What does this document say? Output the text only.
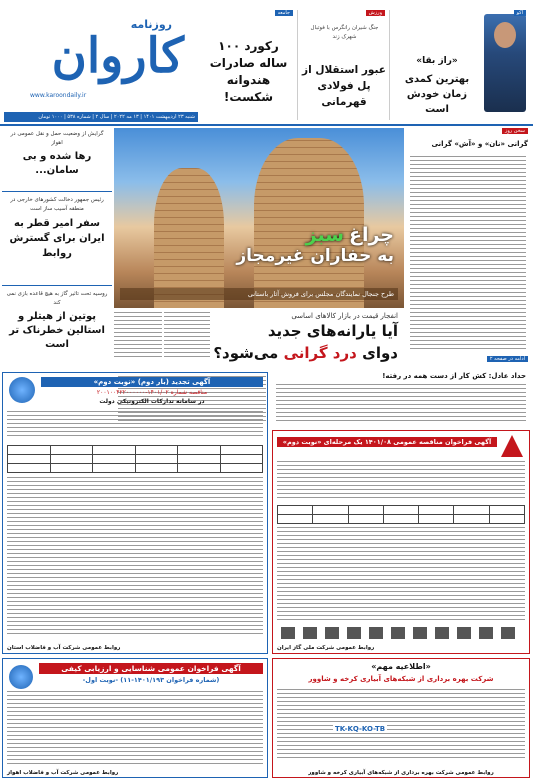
روزنامه
کاروان
www.karoondaily.ir
شنبه ۲۳ اردیبهشت ۱۴۰۱ | ۱۳ مه ۲۰۲۲ | سال ۲ | شماره ۵۳۸ | ۱۰۰۰ تومان
جامعه
رکورد ۱۰۰ ساله صادرات هندوانه شکست!
ورزش
جنگ شیران رانگرس با فوتبال شهرک زند
عبور استقلال از پل فولادی قهرمانی
آکو
«راز بقا»
بهترین کمدی زمان خودش است
گرایش از وضعیت حمل و نقل عمومی در اهواز
رها شده و بی سامان...
رئیس جمهور دخالت کشورهای خارجی در منطقه آسیب ساز است
سفر امیر قطر به ایران برای گسترش روابط
روسیه تحت تاثیر گاز به هیچ قاعده بازی نمی کند
پوتین از هیتلر و استالین خطرناک تر است
چراغ سبز
به حفاران غیرمجاز
طرح جنجال نمایندگان مجلس برای فروش آثار باستانی
سخن روز
گرانی «نان» و «آش» گرانی
ادامه در صفحه ۲
انفجار قیمت در بازار کالاهای اساسی
آیا یارانه‌های جدید
دوای درد گرانی می‌شود؟
حداد عادل: کش کار از دست همه در رفته!
آگهی تجدید (بار دوم) «نوبت دوم»
مناقصه شماره ۱۴۰۱/۰۲-۲۰۰۱۰۰۴۲۲۰۰۰۰۰۰
در سامانه تدارکات الکترونیکی دولت

روابط عمومی شرکت آب و فاضلاب استان
آگهی فراخوان مناقصه عمومی ۱۴۰۱/۰۸ یک مرحله‌ای «نوبت دوم»

روابط عمومی شرکت ملی گاز ایران
آگهی فراخوان عمومی شناسایی و ارزیابی کیفی
(شماره فراخوان ۱۴۰۱/۱۹۳-۱۱) -نوبت اول-
روابط عمومی شرکت آب و فاضلاب اهواز
«اطلاعیه مهم»
شرکت بهره برداری از شبکه‌های آبیاری کرخه و شاوور
TK-KQ-KO-TB
روابط عمومی شرکت بهره برداری از شبکه‌های آبیاری کرخه و شاوور
